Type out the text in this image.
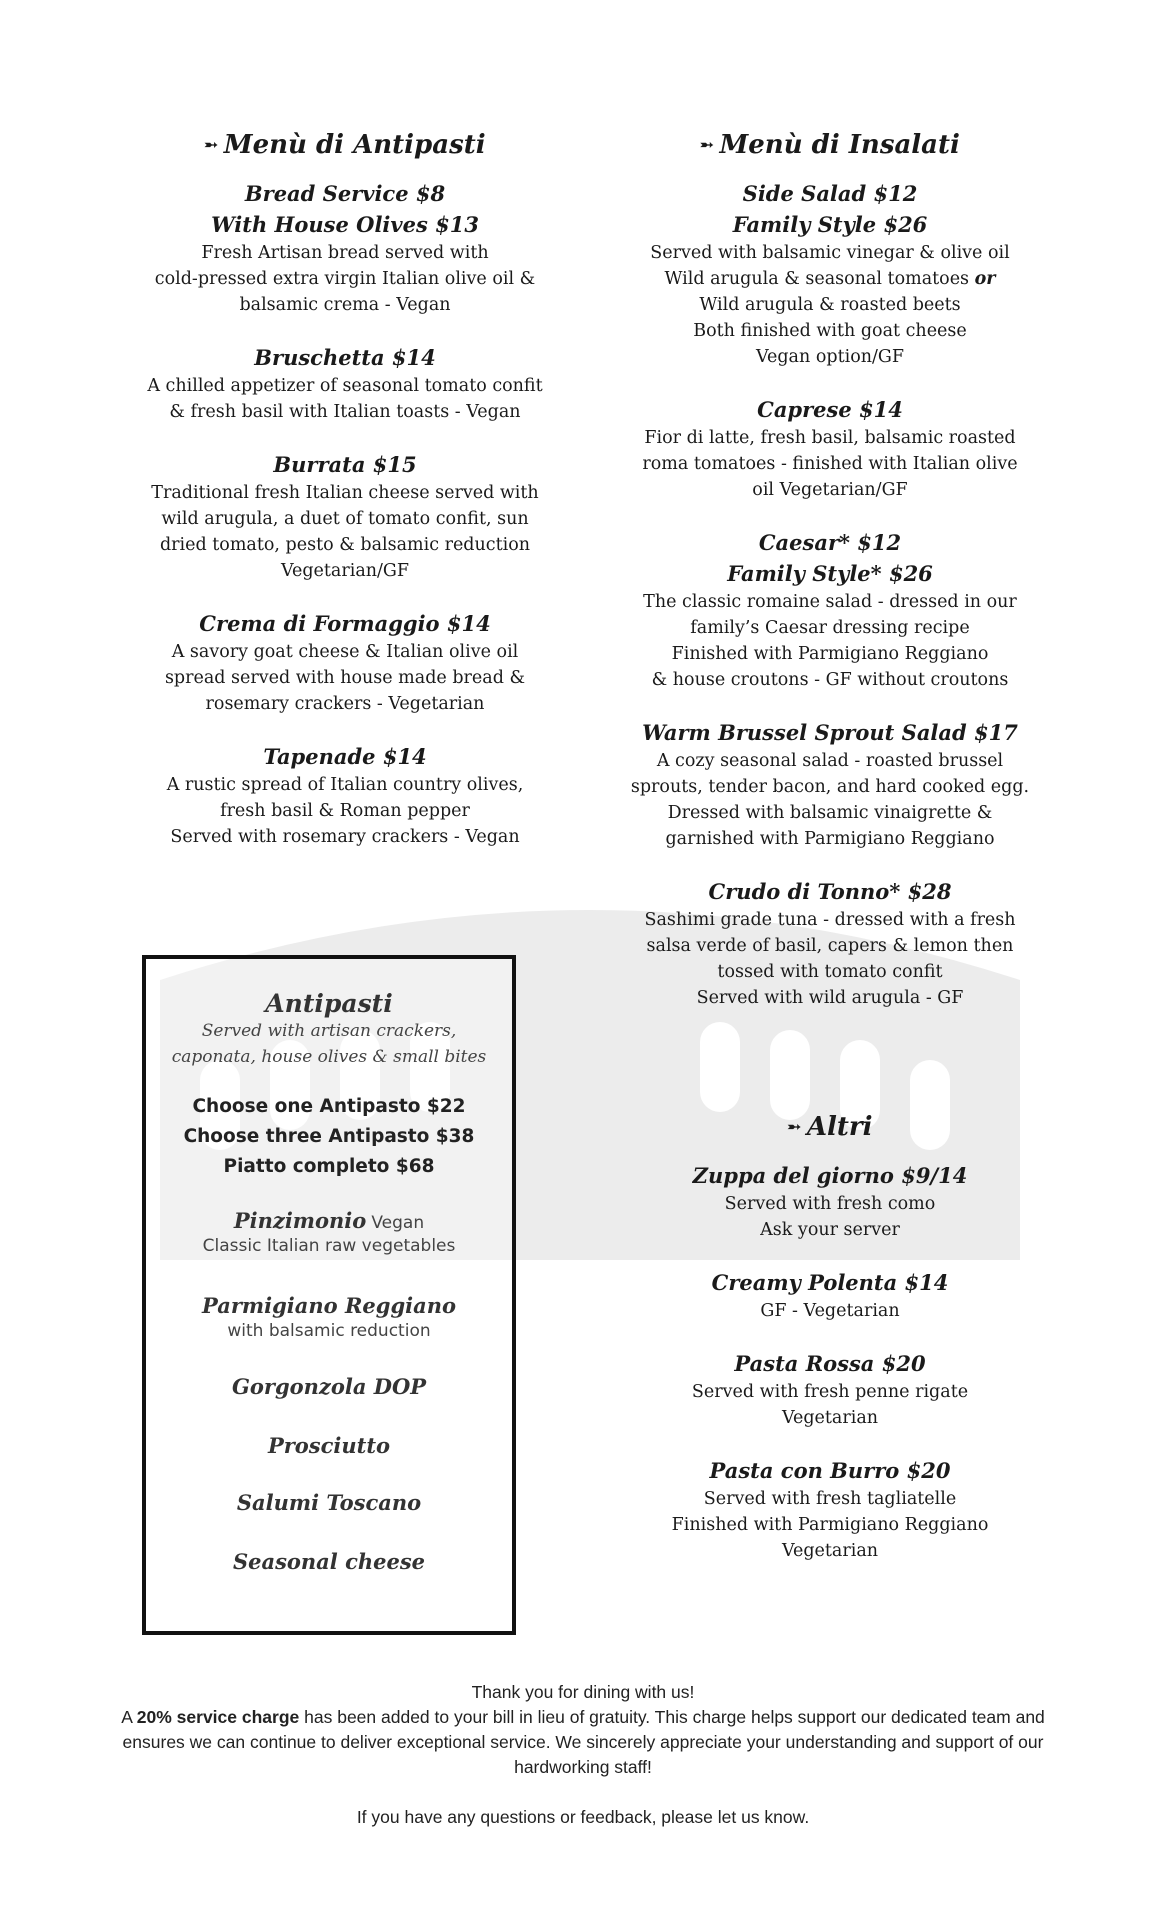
➵ Menù di Antipasti
Bread Service $8
With House Olives $13
Fresh Artisan bread served with
cold-pressed extra virgin Italian olive oil &
balsamic crema - Vegan
Bruschetta $14
A chilled appetizer of seasonal tomato confit
& fresh basil with Italian toasts - Vegan
Burrata $15
Traditional fresh Italian cheese served with
wild arugula, a duet of tomato confit, sun
dried tomato, pesto & balsamic reduction
Vegetarian/GF
Crema di Formaggio $14
A savory goat cheese & Italian olive oil
spread served with house made bread &
rosemary crackers - Vegetarian
Tapenade $14
A rustic spread of Italian country olives,
fresh basil & Roman pepper
Served with rosemary crackers - Vegan
➵ Menù di Insalati
Side Salad $12
Family Style $26
Served with balsamic vinegar & olive oil
Wild arugula & seasonal tomatoes or
Wild arugula & roasted beets
Both finished with goat cheese
Vegan option/GF
Caprese $14
Fior di latte, fresh basil, balsamic roasted
roma tomatoes - finished with Italian olive
oil Vegetarian/GF
Caesar* $12
Family Style* $26
The classic romaine salad - dressed in our
family’s Caesar dressing recipe
Finished with Parmigiano Reggiano
& house croutons - GF without croutons
Warm Brussel Sprout Salad $17
A cozy seasonal salad - roasted brussel
sprouts, tender bacon, and hard cooked egg.
Dressed with balsamic vinaigrette &
garnished with Parmigiano Reggiano
Crudo di Tonno* $28
Sashimi grade tuna - dressed with a fresh
salsa verde of basil, capers & lemon then
tossed with tomato confit
Served with wild arugula - GF
Antipasti
Served with artisan crackers,
caponata, house olives & small bites
Choose one Antipasto $22
Choose three Antipasto $38
Piatto completo $68
Pinzimonio Vegan
Classic Italian raw vegetables
Parmigiano Reggiano
with balsamic reduction
Gorgonzola DOP
Prosciutto
Salumi Toscano
Seasonal cheese
➵ Altri
Zuppa del giorno $9/14
Served with fresh como
Ask your server
Creamy Polenta $14
GF - Vegetarian
Pasta Rossa $20
Served with fresh penne rigate
Vegetarian
Pasta con Burro $20
Served with fresh tagliatelle
Finished with Parmigiano Reggiano
Vegetarian

Thank you for dining with us!

A 20% service charge has been added to your bill in lieu of gratuity. This charge helps support our dedicated team and ensures we can continue to deliver exceptional service. We sincerely appreciate your understanding and support of our hardworking staff!

If you have any questions or feedback, please let us know.
